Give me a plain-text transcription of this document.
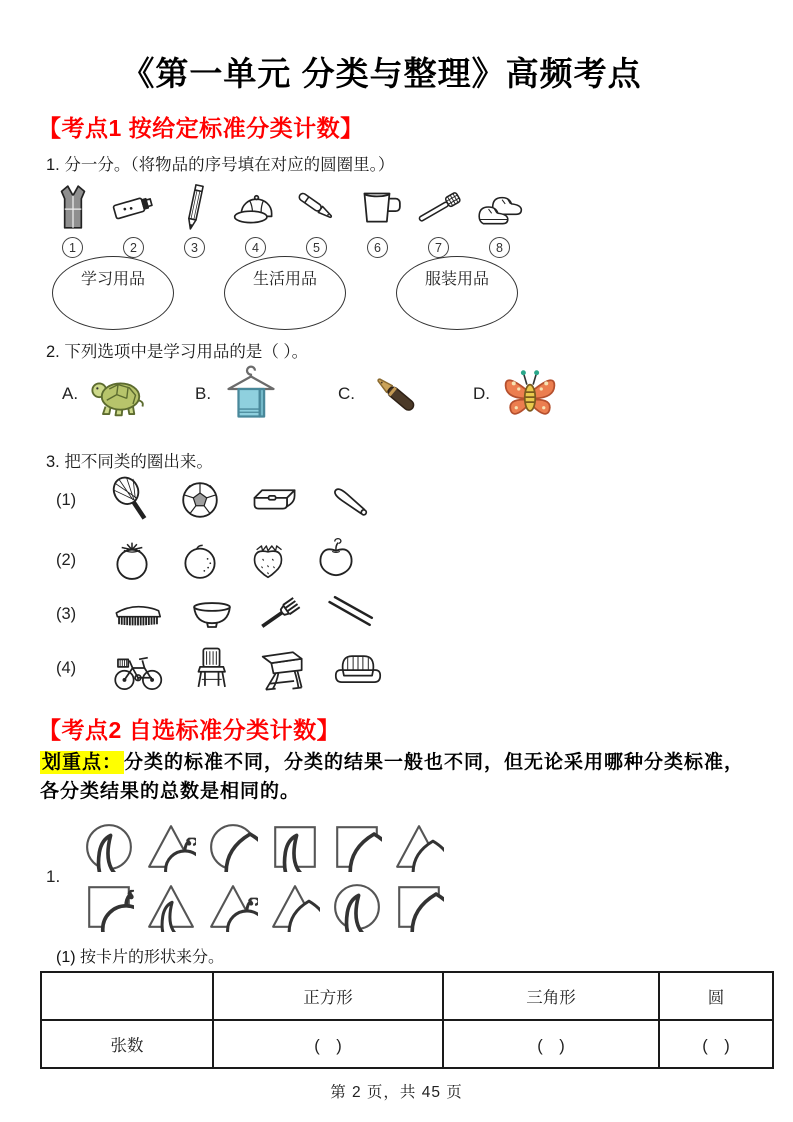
《第一单元 分类与整理》高频考点
【考点1 按给定标准分类计数】
1. 分一分。（将物品的序号填在对应的圆圈里。）
1	2	3	4	5	6	7	8
学习用品	生活用品	服装用品
2. 下列选项中是学习用品的是（ ）。
A.	B.	C.	D.
3. 把不同类的圈出来。
(1)
(2)
(3)
(4)
【考点2 自选标准分类计数】
划重点： 分类的标准不同，分类的结果一般也不同，但无论采用哪种分类标准，各分类结果的总数是相同的。
1.
(1) 按卡片的形状来分。
	正方形	三角形	圆
张数	(　)	(　)	(　)
第 2 页，共 45 页
